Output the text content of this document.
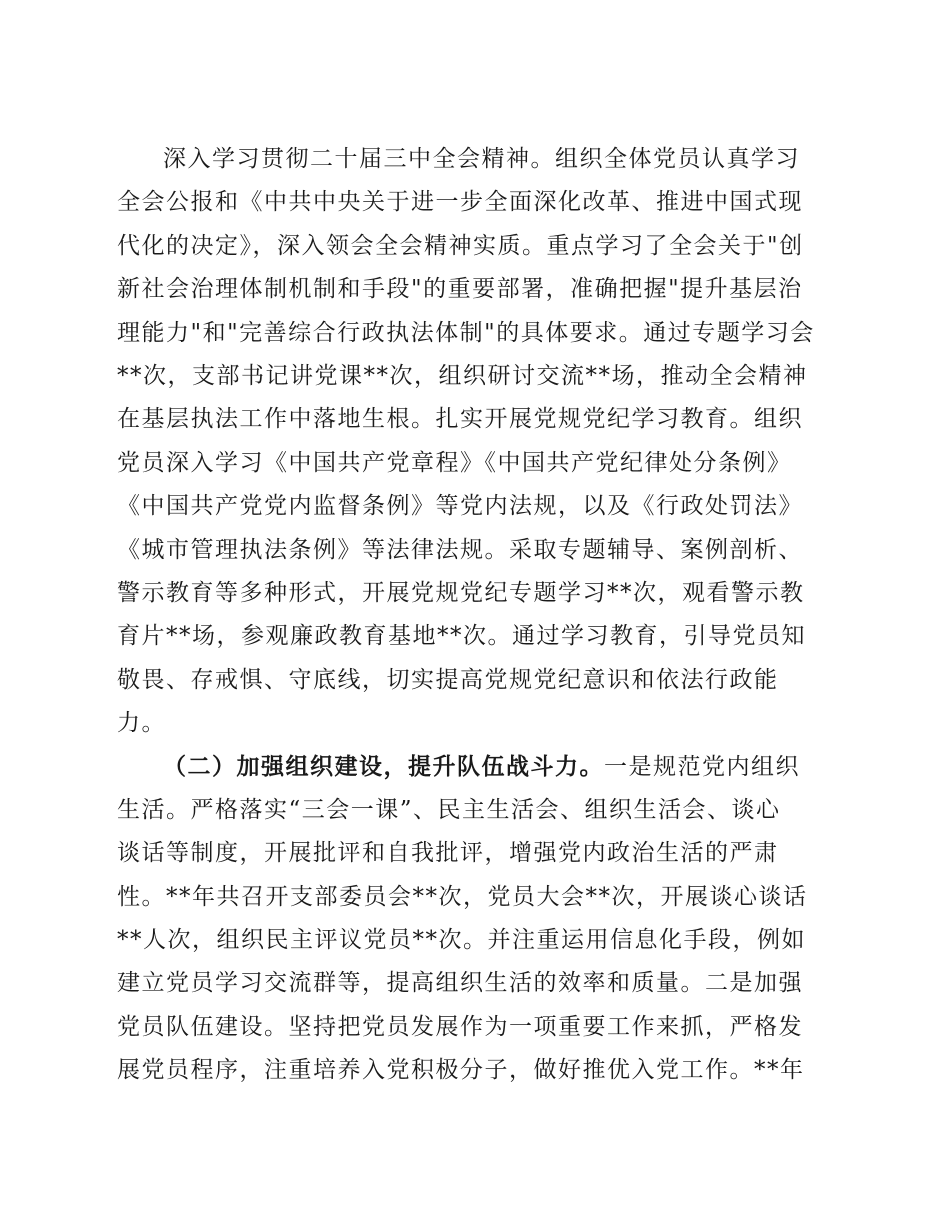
深入学习贯彻二十届三中全会精神。组织全体党员认真学习
全会公报和《中共中央关于进一步全面深化改革、推进中国式现
代化的决定》，深入领会全会精神实质。重点学习了全会关于"创
新社会治理体制机制和手段"的重要部署，准确把握"提升基层治
理能力"和"完善综合行政执法体制"的具体要求。通过专题学习会
**次，支部书记讲党课**次，组织研讨交流**场，推动全会精神
在基层执法工作中落地生根。扎实开展党规党纪学习教育。组织
党员深入学习《中国共产党章程》《中国共产党纪律处分条例》
《中国共产党党内监督条例》等党内法规，以及《行政处罚法》
《城市管理执法条例》等法律法规。采取专题辅导、案例剖析、
警示教育等多种形式，开展党规党纪专题学习**次，观看警示教
育片**场，参观廉政教育基地**次。通过学习教育，引导党员知
敬畏、存戒惧、守底线，切实提高党规党纪意识和依法行政能
力。
（二）加强组织建设，提升队伍战斗力。一是规范党内组织
生活。严格落实“三会一课”、民主生活会、组织生活会、谈心
谈话等制度，开展批评和自我批评，增强党内政治生活的严肃
性。**年共召开支部委员会**次，党员大会**次，开展谈心谈话
**人次，组织民主评议党员**次。并注重运用信息化手段，例如
建立党员学习交流群等，提高组织生活的效率和质量。二是加强
党员队伍建设。坚持把党员发展作为一项重要工作来抓，严格发
展党员程序，注重培养入党积极分子，做好推优入党工作。**年
